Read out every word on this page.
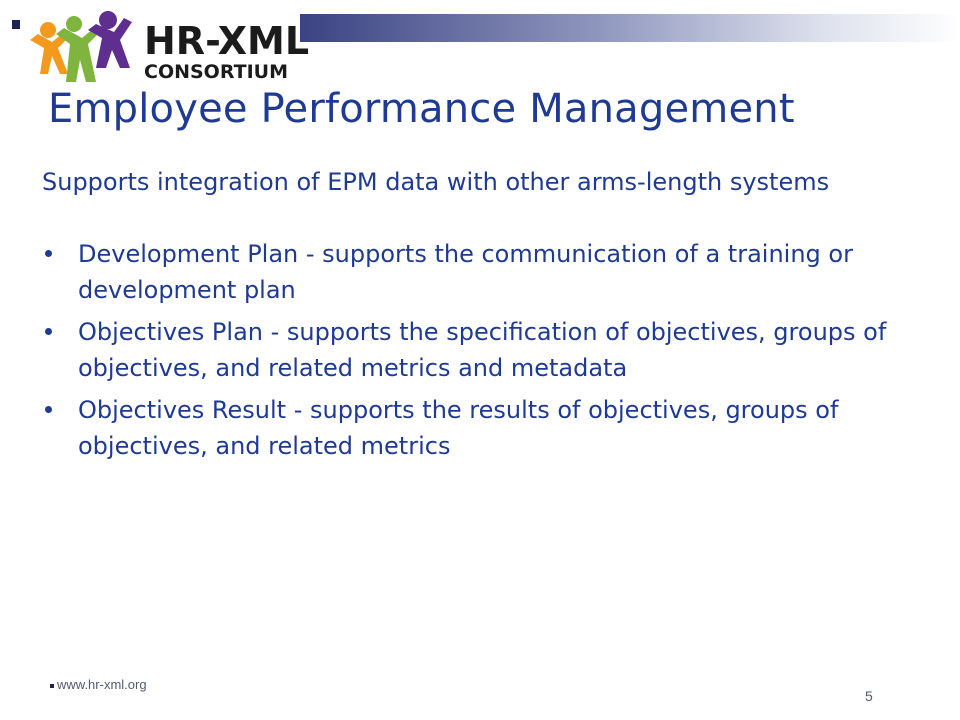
HR-XML
CONSORTIUM
Employee Performance Management

Supports integration of EPM data with other arms-length systems

Development Plan - supports the communication of a training or development plan
Objectives Plan - supports the specification of objectives, groups of objectives, and related metrics and metadata
Objectives Result - supports the results of objectives, groups of objectives, and related metrics
www.hr-xml.org
5
